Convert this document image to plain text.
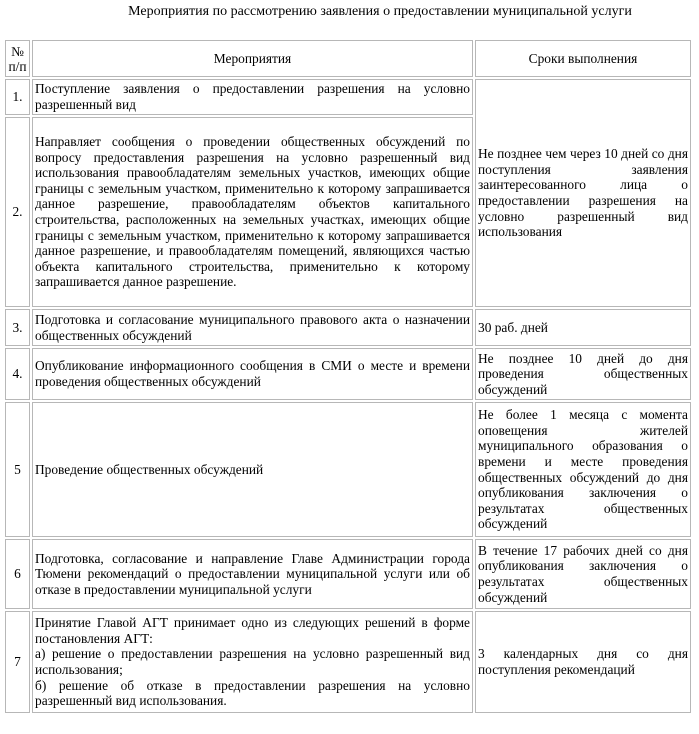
Мероприятия по рассмотрению заявления о предоставлении муниципальной услуги
№
п/п	Мероприятия	Сроки выполнения
1.	Поступление заявления о предоставлении разрешения на условно разрешенный вид	Не позднее чем через 10 дней со дня поступления заявления заинтересованного лица о предоставлении разрешения на условно разрешенный вид использования
2.	Направляет сообщения о проведении общественных обсуждений по вопросу предоставления разрешения на условно разрешенный вид использования правообладателям земельных участков, имеющих общие границы с земельным участком, применительно к которому запрашивается данное разрешение, правообладателям объектов капитального строительства, расположенных на земельных участках, имеющих общие границы с земельным участком, применительно к которому запрашивается данное разрешение, и правообладателям помещений, являющихся частью объекта капитального строительства, применительно к которому запрашивается данное разрешение.	
3.	Подготовка и согласование муниципального правового акта о назначении общественных обсуждений	30 раб. дней
4.	Опубликование информационного сообщения в СМИ о месте и времени проведения общественных обсуждений	Не позднее 10 дней до дня проведения общественных обсуждений
5	Проведение общественных обсуждений	Не более 1 месяца с момента оповещения жителей муниципального образования о времени и месте проведения общественных обсуждений до дня опубликования заключения о результатах общественных обсуждений
6	Подготовка, согласование и направление Главе Администрации города Тюмени рекомендаций о предоставлении муниципальной услуги или об отказе в предоставлении муниципальной услуги	В течение 17 рабочих дней со дня опубликования заключения о результатах общественных обсуждений
7	Принятие Главой АГТ принимает одно из следующих решений в форме постановления АГТ:
а) решение о предоставлении разрешения на условно разрешенный вид использования;
б) решение об отказе в предоставлении разрешения на условно разрешенный вид использования.	3 календарных дня со дня поступления рекомендаций
